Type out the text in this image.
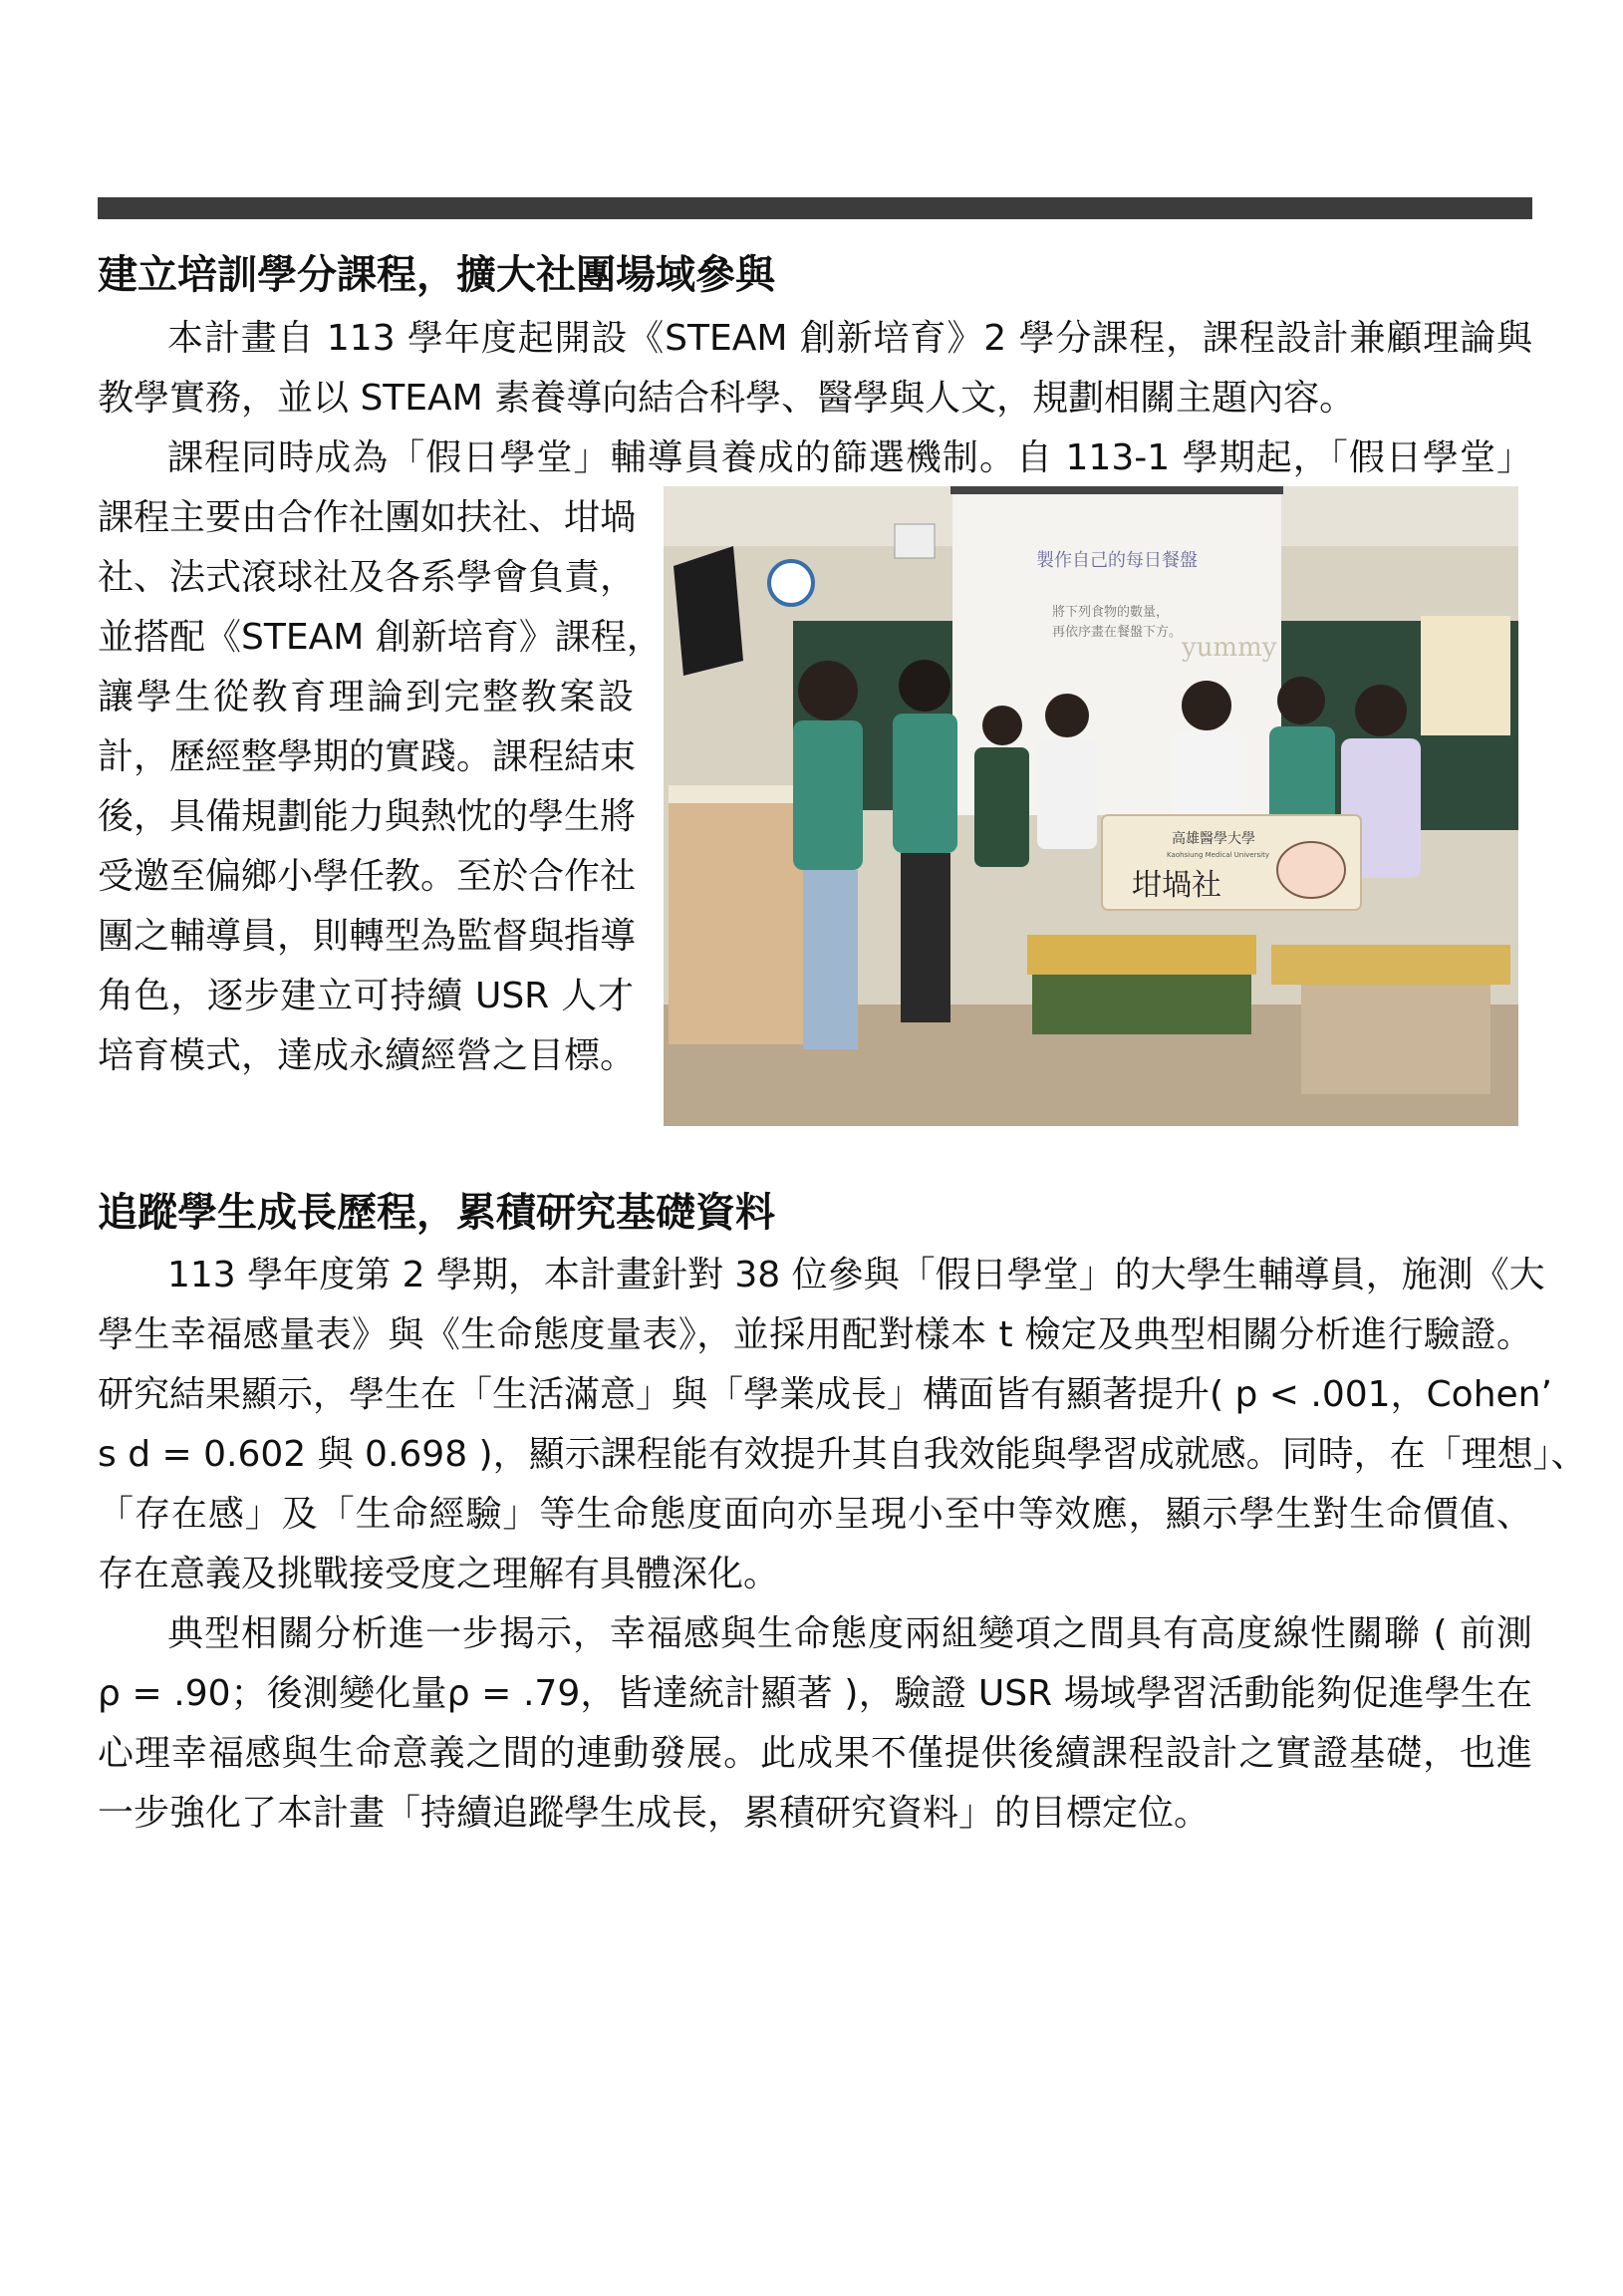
建立培訓學分課程，擴大社團場域參與
本計畫自 113 學年度起開設《STEAM 創新培育》2 學分課程，課程設計兼顧理論與
教學實務，並以 STEAM 素養導向結合科學、醫學與人文，規劃相關主題內容。
課程同時成為「假日學堂」輔導員養成的篩選機制。自 113-1 學期起，「假日學堂」
課程主要由合作社團如扶社、坩堝
社、法式滾球社及各系學會負責，
並搭配《STEAM 創新培育》課程，
讓學生從教育理論到完整教案設
計，歷經整學期的實踐。課程結束
後，具備規劃能力與熱忱的學生將
受邀至偏鄉小學任教。至於合作社
團之輔導員，則轉型為監督與指導
角色，逐步建立可持續 USR 人才
培育模式，達成永續經營之目標。
製作自己的每日餐盤
將下列食物的數量，
再依序畫在餐盤下方。
yummy
高雄醫學大學
Kaohsiung Medical University
坩堝社
追蹤學生成長歷程，累積研究基礎資料
113 學年度第 2 學期，本計畫針對 38 位參與「假日學堂」的大學生輔導員，施測《大
學生幸福感量表》與《生命態度量表》，並採用配對樣本 t 檢定及典型相關分析進行驗證。
研究結果顯示，學生在「生活滿意」與「學業成長」構面皆有顯著提升( p < .001，Cohen’
s d = 0.602 與 0.698 )，顯示課程能有效提升其自我效能與學習成就感。同時，在「理想」、
「存在感」及「生命經驗」等生命態度面向亦呈現小至中等效應，顯示學生對生命價值、
存在意義及挑戰接受度之理解有具體深化。
典型相關分析進一步揭示，幸福感與生命態度兩組變項之間具有高度線性關聯 ( 前測
ρ = .90；後測變化量ρ = .79，皆達統計顯著 )，驗證 USR 場域學習活動能夠促進學生在
心理幸福感與生命意義之間的連動發展。此成果不僅提供後續課程設計之實證基礎，也進
一步強化了本計畫「持續追蹤學生成長，累積研究資料」的目標定位。
